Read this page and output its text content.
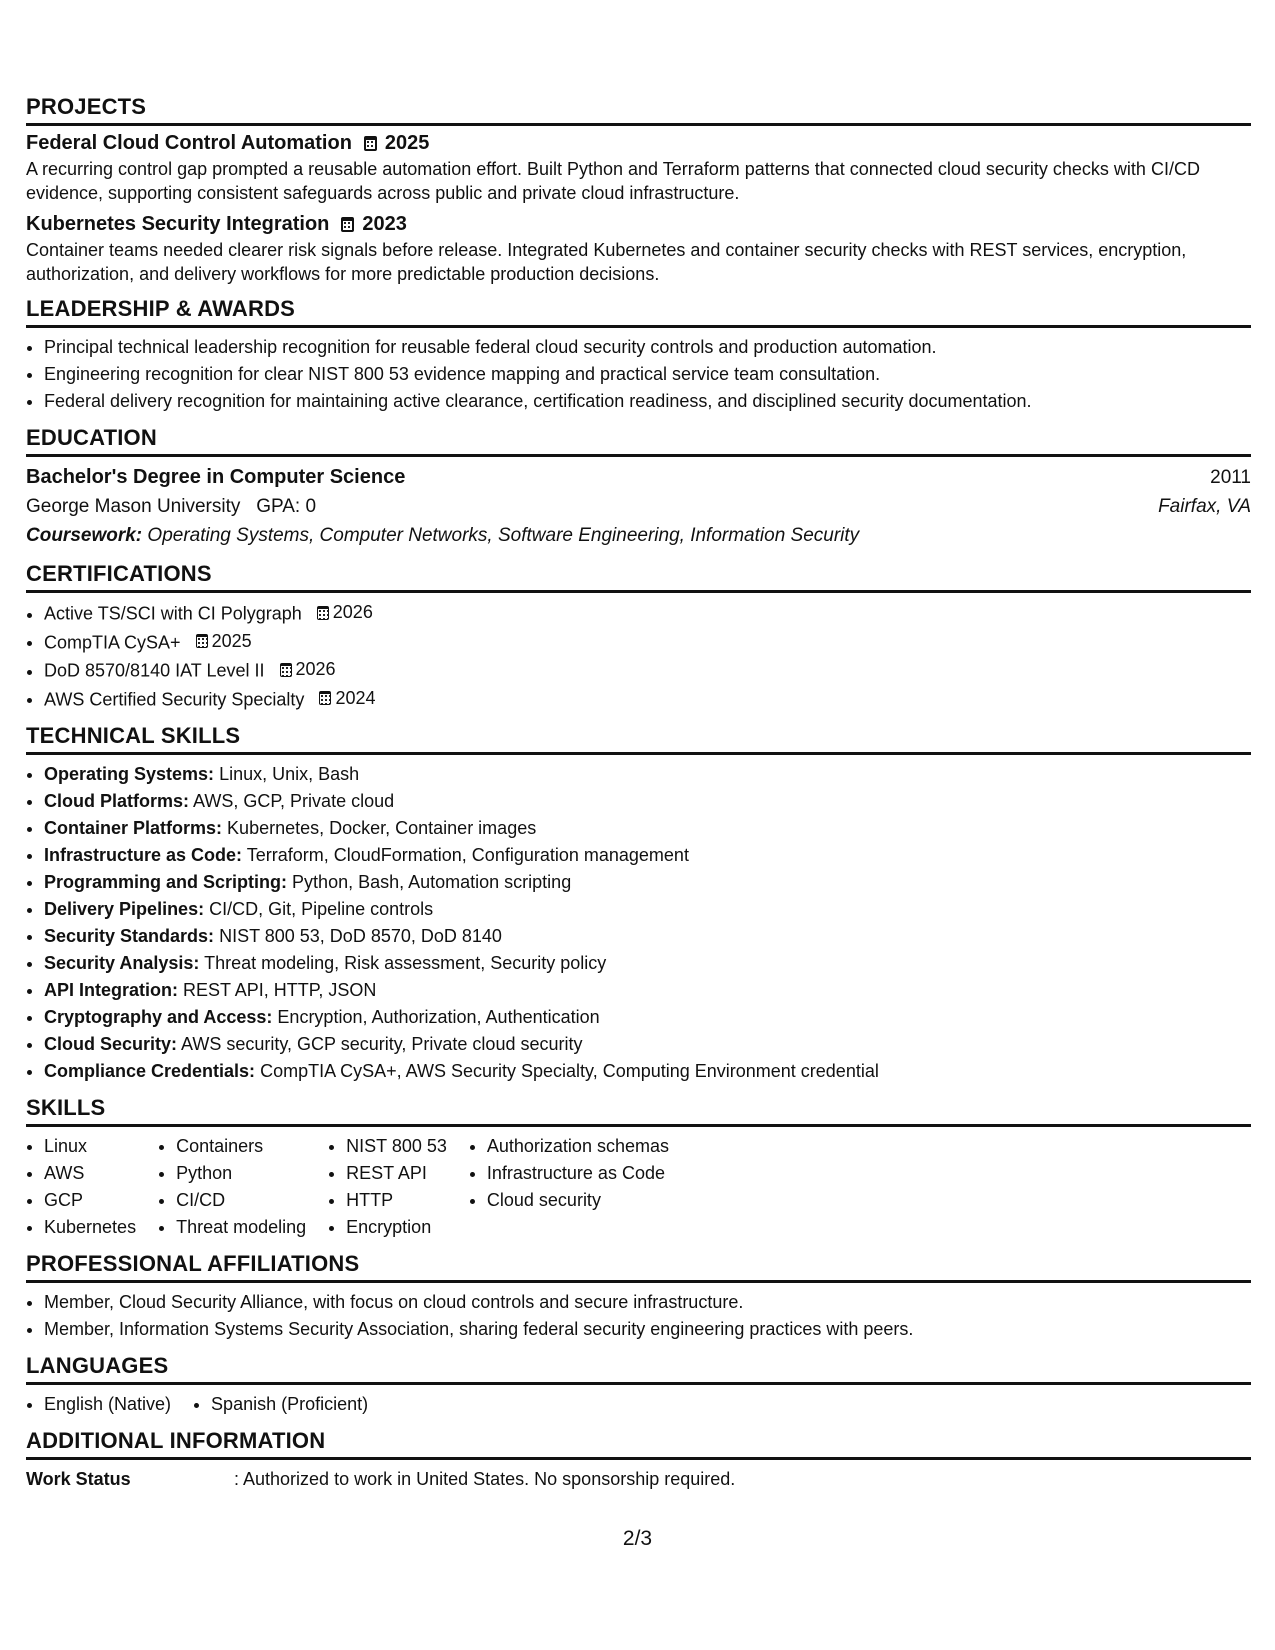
PROJECTS
Federal Cloud Control Automation 2025
A recurring control gap prompted a reusable automation effort. Built Python and Terraform patterns that connected cloud security checks with CI/CD evidence, supporting consistent safeguards across public and private cloud infrastructure.
Kubernetes Security Integration 2023
Container teams needed clearer risk signals before release. Integrated Kubernetes and container security checks with REST services, encryption, authorization, and delivery workflows for more predictable production decisions.
LEADERSHIP & AWARDS
• Principal technical leadership recognition for reusable federal cloud security controls and production automation.
• Engineering recognition for clear NIST 800 53 evidence mapping and practical service team consultation.
• Federal delivery recognition for maintaining active clearance, certification readiness, and disciplined security documentation.
EDUCATION
Bachelor's Degree in Computer Science	2011
George Mason University GPA: 0	Fairfax, VA
Coursework: Operating Systems, Computer Networks, Software Engineering, Information Security
CERTIFICATIONS
• Active TS/SCI with CI Polygraph 2026
• CompTIA CySA+ 2025
• DoD 8570/8140 IAT Level II 2026
• AWS Certified Security Specialty 2024
TECHNICAL SKILLS
• Operating Systems: Linux, Unix, Bash
• Cloud Platforms: AWS, GCP, Private cloud
• Container Platforms: Kubernetes, Docker, Container images
• Infrastructure as Code: Terraform, CloudFormation, Configuration management
• Programming and Scripting: Python, Bash, Automation scripting
• Delivery Pipelines: CI/CD, Git, Pipeline controls
• Security Standards: NIST 800 53, DoD 8570, DoD 8140
• Security Analysis: Threat modeling, Risk assessment, Security policy
• API Integration: REST API, HTTP, JSON
• Cryptography and Access: Encryption, Authorization, Authentication
• Cloud Security: AWS security, GCP security, Private cloud security
• Compliance Credentials: CompTIA CySA+, AWS Security Specialty, Computing Environment credential
SKILLS
• Linux
• AWS
• GCP
• Kubernetes
• Containers
• Python
• CI/CD
• Threat modeling
• NIST 800 53
• REST API
• HTTP
• Encryption
• Authorization schemas
• Infrastructure as Code
• Cloud security
PROFESSIONAL AFFILIATIONS
• Member, Cloud Security Alliance, with focus on cloud controls and secure infrastructure.
• Member, Information Systems Security Association, sharing federal security engineering practices with peers.
LANGUAGES
• English (Native)
• Spanish (Proficient)
ADDITIONAL INFORMATION
Work Status	: Authorized to work in United States. No sponsorship required.
2/3
